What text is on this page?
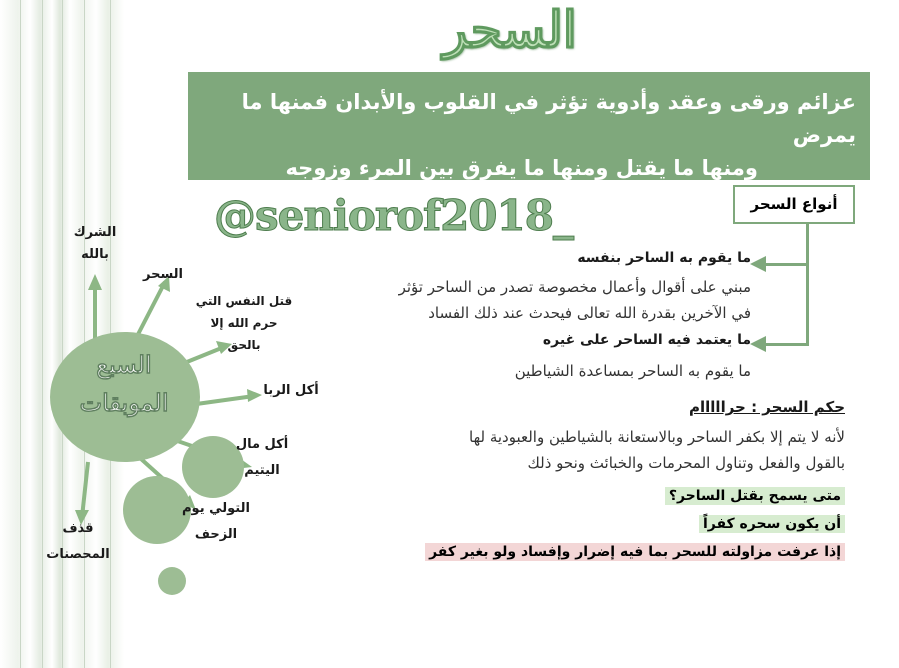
السحر
عزائم ورقى وعقد وأدوية تؤثر في القلوب والأبدان فمنها ما يمرض
ومنها ما يقتل ومنها ما يفرق بين المرء وزوجه
@seniorof2018_	أنواع السحر
ما يقوم به الساحر بنفسه
مبني على أقوال وأعمال مخصوصة تصدر من الساحر تؤثر
في الآخرين بقدرة الله تعالى فيحدث عند ذلك الفساد
ما يعتمد فيه الساحر على غيره
ما يقوم به الساحر بمساعدة الشياطين
حكم السحر : حرااااام
لأنه لا يتم إلا بكفر الساحر وبالاستعانة بالشياطين والعبودية لها
بالقول والفعل وتناول المحرمات والخبائث ونحو ذلك
متى يسمح بقتل الساحر؟
أن يكون سحره كفراً
إذا عرفت مزاولته للسحر بما فيه إضرار وإفساد ولو بغير كفر
السبع
الموبقات
الشرك
بالله
السحر
قتل النفس التي
حرم الله إلا
بالحق
أكل الربا
أكل مال
اليتيم
التولي يوم
الزحف
قذف
المحصنات
